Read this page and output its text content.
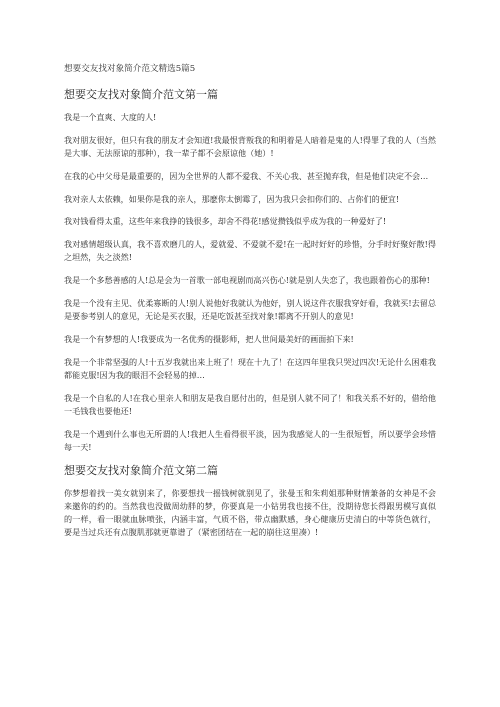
想要交友找对象简介范文精选5篇5
想要交友找对象简介范文第一篇

我是一个直爽、大度的人!

我对朋友很好，但只有我的朋友才会知道!我最恨背叛我的和明着是人暗着是鬼的人!得罪了我的人（当然是大事、无法原谅的那种），我一辈子都不会原谅他（她）!

在我的心中父母是最重要的，因为全世界的人都不爱我、不关心我、甚至抛弃我，但是他们决定不会…

我对亲人太依赖，如果你是我的亲人，那麽你太倒霉了，因为我只会扣你们的、占你们的便宜!

我对钱看得太重，这些年来我挣的钱很多，却舍不得花!感觉攒钱似乎成为我的一种爱好了!

我对感情超级认真，我不喜欢磨几的人，爱就爱、不爱就不爱!在一起时好好的珍惜，分手时好聚好散!得之坦然，失之淡然!

我是一个多愁善感的人!总是会为一首歌一部电视剧而高兴伤心!就是别人失恋了，我也跟着伤心的那种!

我是一个没有主见、优柔寡断的人!别人说他好我就认为他好，别人说这件衣服我穿好看，我就买!去留总是要参考别人的意见，无论是买衣服，还是吃饭甚至找对象!都离不开别人的意见!

我是一个有梦想的人!我要成为一名优秀的摄影师，把人世间最美好的画面拍下来!

我是一个非常坚强的人!十五岁我就出来上班了！现在十九了！在这四年里我只哭过四次!无论什么困难我都能克服!因为我的眼泪不会轻易的掉…

我是一个自私的人!在我心里亲人和朋友是我自愿付出的，但是别人就不同了！和我关系不好的，借给他一毛钱我也要他还!

我是一个遇到什么事也无所谓的人!我把人生看得很平淡，因为我感觉人的一生很短暂，所以要学会珍惜每一天!

想要交友找对象简介范文第二篇

你梦想着找一美女就别来了，你要想找一摇钱树就别见了，张曼玉和朱莉姐那种财情兼备的女神是不会来邀你的约的。当然我也没做周幼胖的梦，你要真是一小钻男我也接不住，没期待您长得跟男模写真似的一样，看一眼就血脉喷张，内涵丰富，气质不俗，带点幽默感，身心健康历史清白的中等货色就行，要是当过兵还有点腹肌那就更靠谱了（紧密团结在一起的崩往这里凑）!
